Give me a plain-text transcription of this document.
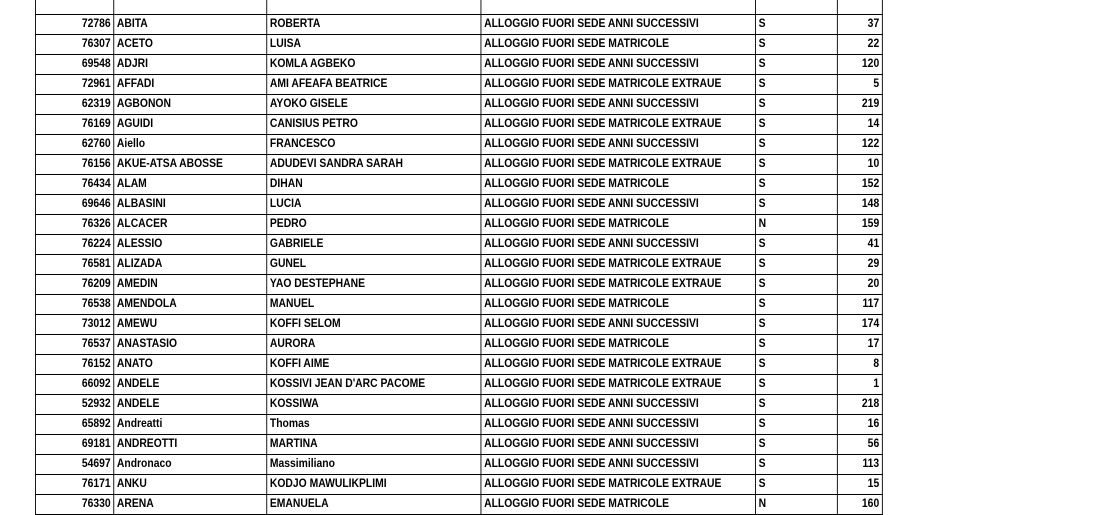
72786	ABITA	ROBERTA	ALLOGGIO FUORI SEDE ANNI SUCCESSIVI	S	37
76307	ACETO	LUISA	ALLOGGIO FUORI SEDE MATRICOLE	S	22
69548	ADJRI	KOMLA AGBEKO	ALLOGGIO FUORI SEDE ANNI SUCCESSIVI	S	120
72961	AFFADI	AMI AFEAFA BEATRICE	ALLOGGIO FUORI SEDE MATRICOLE EXTRAUE	S	5
62319	AGBONON	AYOKO GISELE	ALLOGGIO FUORI SEDE ANNI SUCCESSIVI	S	219
76169	AGUIDI	CANISIUS PETRO	ALLOGGIO FUORI SEDE MATRICOLE EXTRAUE	S	14
62760	Aiello	FRANCESCO	ALLOGGIO FUORI SEDE ANNI SUCCESSIVI	S	122
76156	AKUE-ATSA ABOSSE	ADUDEVI SANDRA SARAH	ALLOGGIO FUORI SEDE MATRICOLE EXTRAUE	S	10
76434	ALAM	DIHAN	ALLOGGIO FUORI SEDE MATRICOLE	S	152
69646	ALBASINI	LUCIA	ALLOGGIO FUORI SEDE ANNI SUCCESSIVI	S	148
76326	ALCACER	PEDRO	ALLOGGIO FUORI SEDE MATRICOLE	N	159
76224	ALESSIO	GABRIELE	ALLOGGIO FUORI SEDE ANNI SUCCESSIVI	S	41
76581	ALIZADA	GUNEL	ALLOGGIO FUORI SEDE MATRICOLE EXTRAUE	S	29
76209	AMEDIN	YAO DESTEPHANE	ALLOGGIO FUORI SEDE MATRICOLE EXTRAUE	S	20
76538	AMENDOLA	MANUEL	ALLOGGIO FUORI SEDE MATRICOLE	S	117
73012	AMEWU	KOFFI SELOM	ALLOGGIO FUORI SEDE ANNI SUCCESSIVI	S	174
76537	ANASTASIO	AURORA	ALLOGGIO FUORI SEDE MATRICOLE	S	17
76152	ANATO	KOFFI AIME	ALLOGGIO FUORI SEDE MATRICOLE EXTRAUE	S	8
66092	ANDELE	KOSSIVI JEAN D'ARC PACOME	ALLOGGIO FUORI SEDE MATRICOLE EXTRAUE	S	1
52932	ANDELE	KOSSIWA	ALLOGGIO FUORI SEDE ANNI SUCCESSIVI	S	218
65892	Andreatti	Thomas	ALLOGGIO FUORI SEDE ANNI SUCCESSIVI	S	16
69181	ANDREOTTI	MARTINA	ALLOGGIO FUORI SEDE ANNI SUCCESSIVI	S	56
54697	Andronaco	Massimiliano	ALLOGGIO FUORI SEDE ANNI SUCCESSIVI	S	113
76171	ANKU	KODJO MAWULIKPLIMI	ALLOGGIO FUORI SEDE MATRICOLE EXTRAUE	S	15
76330	ARENA	EMANUELA	ALLOGGIO FUORI SEDE MATRICOLE	N	160
